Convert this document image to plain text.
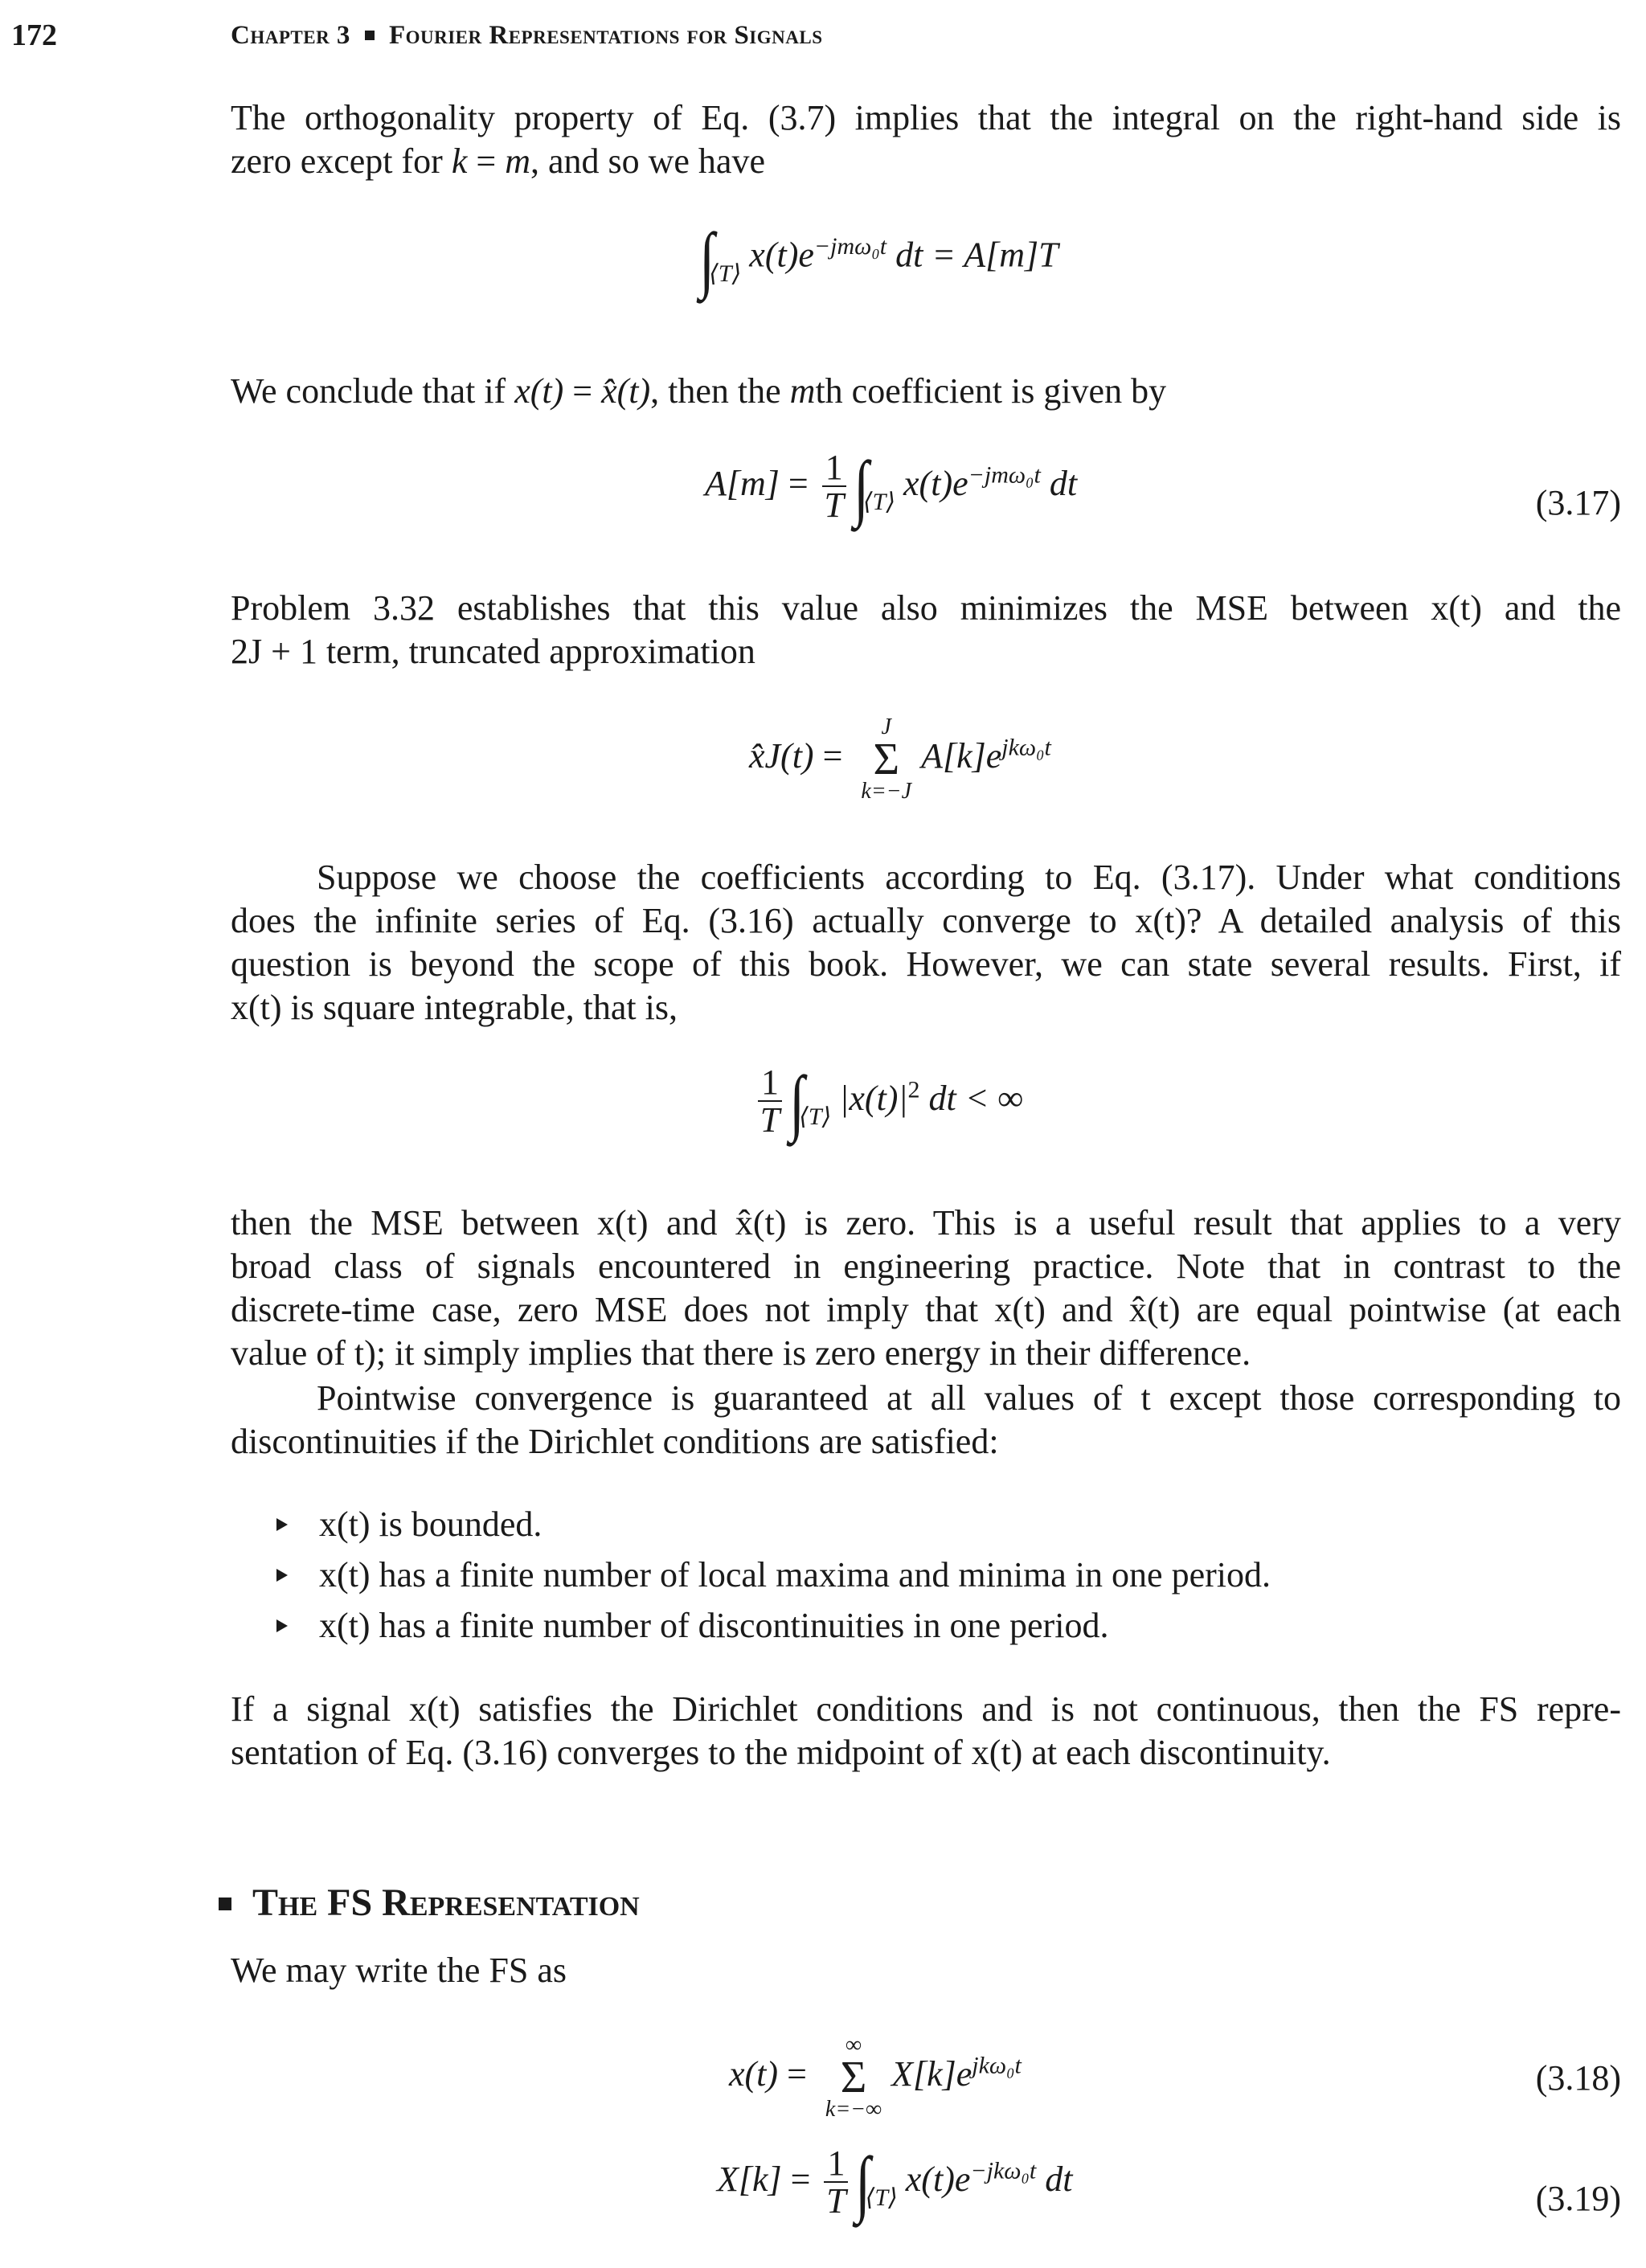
172	Chapter 3 Fourier Representations for Signals
The orthogonality property of Eq. (3.7) implies that the integral on the right-hand side is
zero except for k = m, and so we have
$\int_{⟨T⟩}$ $x(t)e^{-jm\omega_0t}$ dt = A[m]T
We conclude that if x(t) = x̂(t), then the mth coefficient is given by
$A[m] = \frac{1}{T} \int_{⟨T⟩}$ $x(t)e^{-jm\omega_0t}$ dt	(3.17)
Problem 3.32 establishes that this value also minimizes the MSE between x(t) and the
2J + 1 term, truncated approximation
x̂J(t) =
J
Σ
k=−J
$A[k]e^{jk\omega_0t}$
Suppose we choose the coefficients according to Eq. (3.17). Under what conditions
does the infinite series of Eq. (3.16) actually converge to x(t)? A detailed analysis of this
question is beyond the scope of this book. However, we can state several results. First, if
x(t) is square integrable, that is,
$\frac{1}{T} \int_{⟨T⟩}$ $|x(t)|^2$ dt < ∞
then the MSE between x(t) and x̂(t) is zero. This is a useful result that applies to a very
broad class of signals encountered in engineering practice. Note that in contrast to the
discrete-time case, zero MSE does not imply that x(t) and x̂(t) are equal pointwise (at each
value of t); it simply implies that there is zero energy in their difference.
Pointwise convergence is guaranteed at all values of t except those corresponding to
discontinuities if the Dirichlet conditions are satisfied:
x(t) is bounded.
x(t) has a finite number of local maxima and minima in one period.
x(t) has a finite number of discontinuities in one period.
If a signal x(t) satisfies the Dirichlet conditions and is not continuous, then the FS repre-
sentation of Eq. (3.16) converges to the midpoint of x(t) at each discontinuity.
The FS Representation
We may write the FS as
x(t) =
∞
Σ
k=−∞
$X[k]e^{jk\omega_0t}$	(3.18)
$X[k] = \frac{1}{T} \int_{⟨T⟩}$ $x(t)e^{-jk\omega_0t}$ dt	(3.19)
